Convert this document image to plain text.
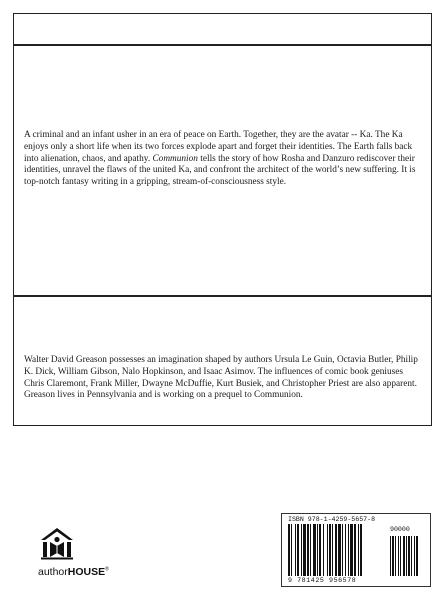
A criminal and an infant usher in an era of peace on Earth. Together, they are the avatar -- Ka. The Ka enjoys only a short life when its two forces explode apart and forget their identities. The Earth falls back into alienation, chaos, and apathy. Communion tells the story of how Rosha and Danzuro rediscover their identities, unravel the flaws of the united Ka, and confront the architect of the world’s new suffering. It is top-notch fantasy writing in a gripping, stream-of-consciousness style.

Walter David Greason possesses an imagination shaped by authors Ursula Le Guin, Octavia Butler, Philip K. Dick, William Gibson, Nalo Hopkinson, and Isaac Asimov. The influences of comic book geniuses Chris Claremont, Frank Miller, Dwayne McDuffie, Kurt Busiek, and Christopher Priest are also apparent. Greason lives in Pennsylvania and is working on a prequel to Communion.

authorHOUSE®
ISBN 978-1-4259-5657-8
90000
9 781425 956578
